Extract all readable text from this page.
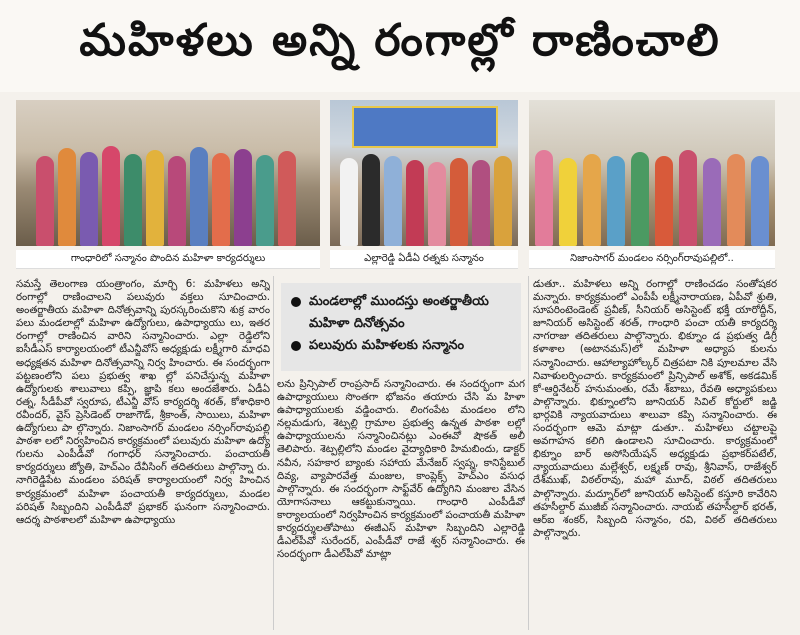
మహిళలు అన్ని రంగాల్లో రాణించాలి
గాంధారిలో సన్మానం పొందిన మహిళా కార్యదర్శులు	ఎల్లారెడ్డి ఏడీఏ రత్నకు సన్మానం	నిజాంసాగర్ మండలం నర్సింగ్‌రావుపల్లిలో..

సమస్తే తెలంగాణ యంత్రాంగం, మార్చి 6: మహిళలు అన్ని రంగాల్లో రాణించాలని పలువురు వక్తలు సూచించారు. అంతర్జాతీయ మహిళా దినోత్సవాన్ని పురస్కరించుకొని శుక్ర వారం పలు మండలాల్లో మహిళా ఉద్యోగులు, ఉపాధ్యాయు లు, ఇతర రంగాల్లో రాణించిన వారిని సన్మానించారు. ఎల్లా రెడ్డిలోని ఐసీడీఎస్ కార్యాలయంలో టీఎన్జీవోస్ అధ్యక్షుడు లక్ష్మీగారి మాధవి అధ్యక్షతన మహిళా దినోత్సవాన్ని నిర్వ హించారు. ఈ సందర్భంగా పట్టణంలోని పలు ప్రభుత్వ శాఖ ల్లో పనిచేస్తున్న మహిళా ఉద్యోగులకు శాలువాలు కప్పి, జ్ఞాపి కలు అందజేశారు. ఏడీఏ రత్న, సీడీపీవో స్వరూప, టీఎన్జీ వోస్ కార్యదర్శి శరత్, కోశాధికారి రవీందర్, వైస్ ప్రెసిడెంట్ రాజాగౌడ్, శ్రీకాంత్, సాయిలు, మహిళా ఉద్యోగులు పా ల్గొన్నారు. నిజాంసాగర్ మండలం నర్సింగ్‌రావుపల్లి పాఠశా లలో నిర్వహించిన కార్యక్రమంలో పలువురు మహిళా ఉద్యో గులను ఎంపీడీవో గంగాధర్ సన్మానించారు. పంచాయతీ కార్యదర్శులు జ్యోతి, హెచ్‌ఎం దేవీసింగ్ తదితరులు పాల్గొన్నా రు. నాగిరెడ్డిపేట మండలం పరిషత్ కార్యాలయంలో నిర్వ హించిన కార్యక్రమంలో మహిళా పంచాయతీ కార్యదర్శులు, మండల పరిషత్ సిబ్బందిని ఎంపీడీవో ప్రభాకర్ ఘనంగా సన్మానించారు. ఆదర్శ పాఠశాలలో మహిళా ఉపాధ్యాయు

మండలాల్లో ముందస్తు అంతర్జాతీయ మహిళా దినోత్సవం
పలువురు మహిళలకు సన్మానం

లను ప్రిన్సిపాల్ రాంప్రసాద్ సన్మానించారు. ఈ సందర్భంగా మగ ఉపాధ్యాయులు సొంతగా భోజనం తయారు చేసి మ హిళా ఉపాధ్యాయులకు వడ్డించారు. లింగంపేట మండలం లోని నల్లమడుగు, శెట్పల్లి గ్రామాల ప్రభుత్వ ఉన్నత పాఠశా లల్లో ఉపాధ్యాయులను సన్మానించినట్లు ఎంఈవో షౌకత్ అలీ తెలిపారు. శెట్పల్లిలోని మండల వైద్యాధికారి హిమబిందు, డాక్టర్ నవీన, సహకార బ్యాంకు సహాయ మేనేజర్ స్వప్న, కానిస్టేబుల్ దివ్య, వ్యాపారవేత్త మంజుల, కాంప్లెక్స్ హెచ్‌ఎం వసుధ పాల్గొన్నారు. ఈ సందర్భంగా సాఫ్ట్‌వేర్ ఉద్యోగిని మంజుల వేసిన యోగాసనాలు ఆకట్టుకున్నాయి. గాంధారి ఎంపీడీవో కార్యాలయంలో నిర్వహించిన కార్యక్రమంలో పంచాయతీ మహిళా కార్యదర్శులతోపాటు ఈజీఎస్ మహిళా సిబ్బందిని ఎల్లారెడ్డి డీఎల్‌పీవో సురేందర్, ఎంపీడీవో రాజే శ్వర్ సన్మానించారు. ఈ సందర్భంగా డీఎల్‌పీవో మాట్లా

డుతూ.. మహిళలు అన్ని రంగాల్లో రాణించడం సంతోషకర మన్నారు. కార్యక్రమంలో ఎంపీపీ లక్ష్మీనారాయణ, ఏపీవో శ్రుతి, సూపరింటెండెంట్ ప్రవీణ్, సీనియర్ అసిస్టెంట్ భక్తీ యారోద్దీన్, జూనియర్ అసిస్టెంట్ శరత్, గాంధారి పంచా యతీ కార్యదర్శి నాగరాజు తదితరులు పాల్గొన్నారు. భిక్నూం డ ప్రభుత్వ డిగ్రీ కళాశాల (అటానమస్)లో మహిళా అధ్యాప కులను సన్మానించారు. ఆహాల్యాహోల్కర్ చిత్రపటా నికి పూలమాల వేసి నివాళులర్పించారు. కార్యక్రమంలో ప్రిన్సిపాల్ అశోక్, అకడమిక్ కో-ఆర్డినేటర్ హనుమంతు, రమే శ్‌బాబు, రేవతి అధ్యాపకులు పాల్గొన్నారు. భిక్నూంలోని జూనియర్ సివిల్ కోర్టులో జడ్జి భార్గవికి న్యాయవాదులు శాలువా కప్పి సన్మానించారు. ఈ సందర్భంగా ఆమె మాట్లా డుతూ.. మహిళలు చట్టాలపై అవగాహన కలిగి ఉండాలని సూచించారు. కార్యక్రమంలో భిక్నూం బార్ అసోసియేషన్ అధ్యక్షుడు ప్రభాకర్‌పటేల్, న్యాయవాదులు మల్లేశ్వర్, లక్ష్మణ్ రావు, శ్రీనివాస్, రాజేశ్వర్ దేశ్‌ముఖ్, విఠల్‌రావు, మహా మూద్, విఠల్ తదితరులు పాల్గొన్నారు. మద్నూర్‌లో జూనియర్ అసిస్టెంట్ కస్తూరి కావేరిని తహసీల్దార్ ముజీబ్ సన్మానించారు. నాయబ్ తహసీల్దార్ భరత్, ఆర్‌ఐ శంకర్, సిబ్బంది సన్మానం, రవి, విఠల్ తదితరులు పాల్గొన్నారు.
